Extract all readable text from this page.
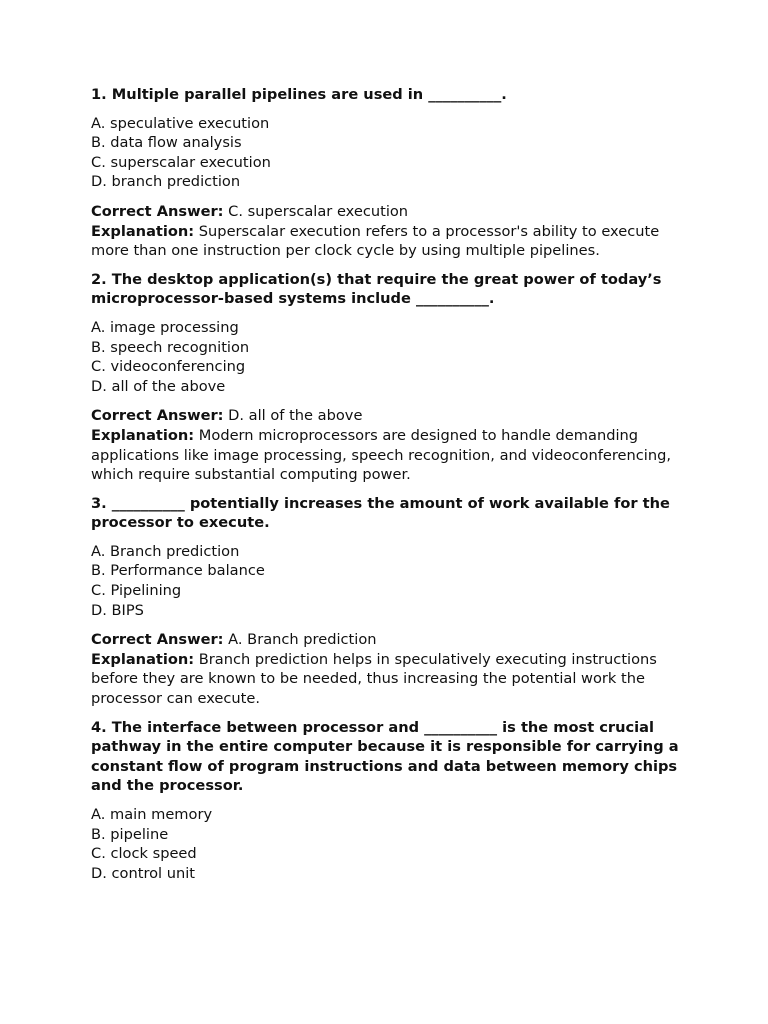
1. Multiple parallel pipelines are used in __________.

A. speculative execution
B. data flow analysis
C. superscalar execution
D. branch prediction

Correct Answer: C. superscalar execution

Explanation: Superscalar execution refers to a processor's ability to execute more than one instruction per clock cycle by using multiple pipelines.

2. The desktop application(s) that require the great power of today’s microprocessor-based systems include __________.

A. image processing
B. speech recognition
C. videoconferencing
D. all of the above

Correct Answer: D. all of the above

Explanation: Modern microprocessors are designed to handle demanding applications like image processing, speech recognition, and videoconferencing, which require substantial computing power.

3. __________ potentially increases the amount of work available for the processor to execute.

A. Branch prediction
B. Performance balance
C. Pipelining
D. BIPS

Correct Answer: A. Branch prediction

Explanation: Branch prediction helps in speculatively executing instructions before they are known to be needed, thus increasing the potential work the processor can execute.

4. The interface between processor and __________ is the most crucial pathway in the entire computer because it is responsible for carrying a constant flow of program instructions and data between memory chips and the processor.

A. main memory
B. pipeline
C. clock speed
D. control unit
